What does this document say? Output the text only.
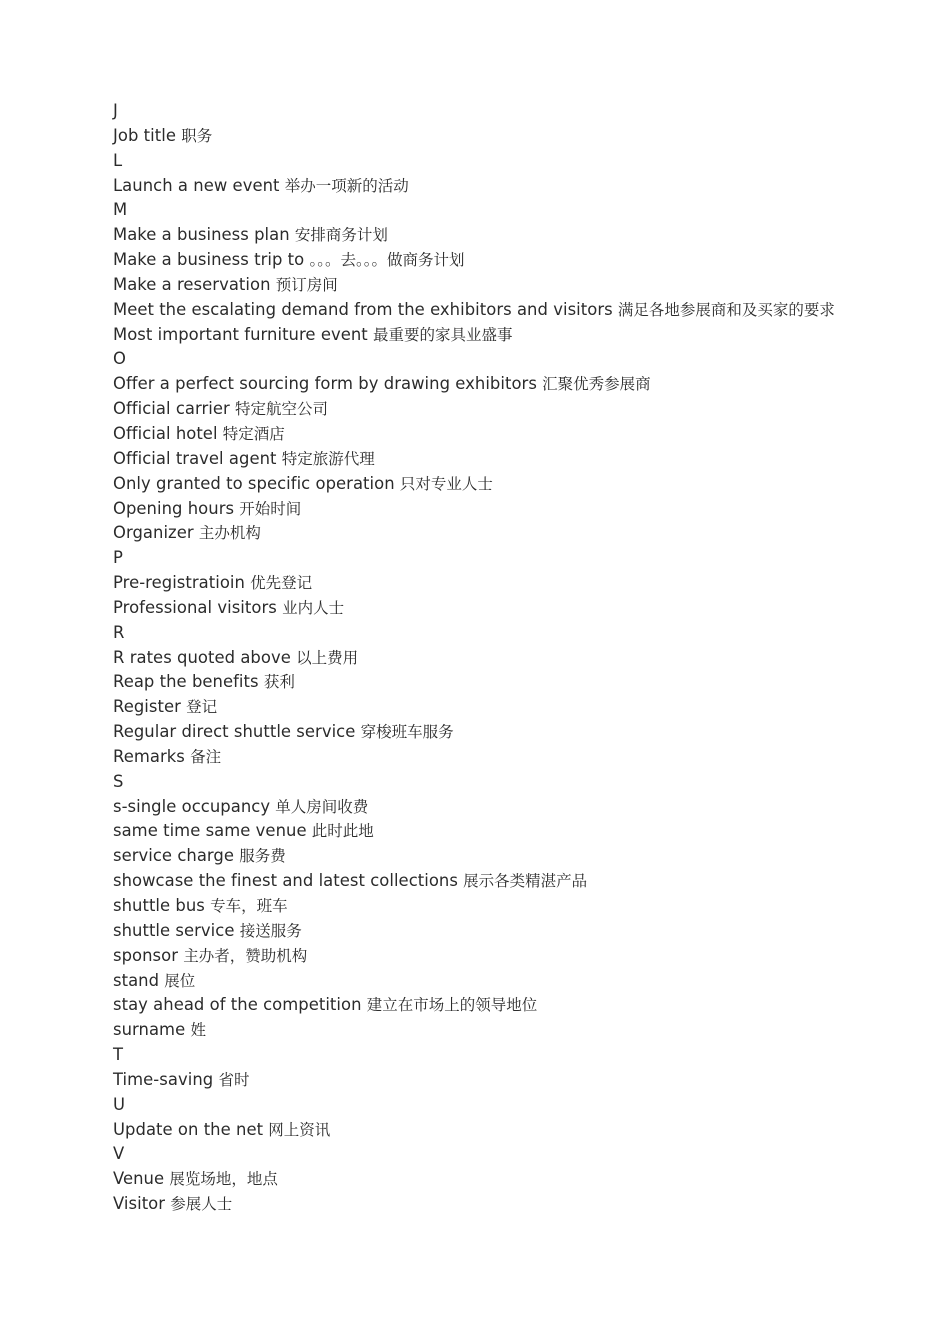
J
Job title 职务
L
Launch a new event 举办一项新的活动
M
Make a business plan 安排商务计划
Make a business trip to 。。。去。。。做商务计划
Make a reservation 预订房间
Meet the escalating demand from the exhibitors and visitors 满足各地参展商和及买家的要求
Most important furniture event 最重要的家具业盛事
O
Offer a perfect sourcing form by drawing exhibitors 汇聚优秀参展商
Official carrier 特定航空公司
Official hotel 特定酒店
Official travel agent 特定旅游代理
Only granted to specific operation 只对专业人士
Opening hours 开始时间
Organizer 主办机构
P
Pre-registratioin 优先登记
Professional visitors 业内人士
R
R rates quoted above 以上费用
Reap the benefits 获利
Register 登记
Regular direct shuttle service 穿梭班车服务
Remarks 备注
S
s-single occupancy 单人房间收费
same time same venue 此时此地
service charge 服务费
showcase the finest and latest collections 展示各类精湛产品
shuttle bus 专车，班车
shuttle service 接送服务
sponsor 主办者，赞助机构
stand 展位
stay ahead of the competition 建立在市场上的领导地位
surname 姓
T
Time-saving 省时
U
Update on the net 网上资讯
V
Venue 展览场地，地点
Visitor 参展人士
